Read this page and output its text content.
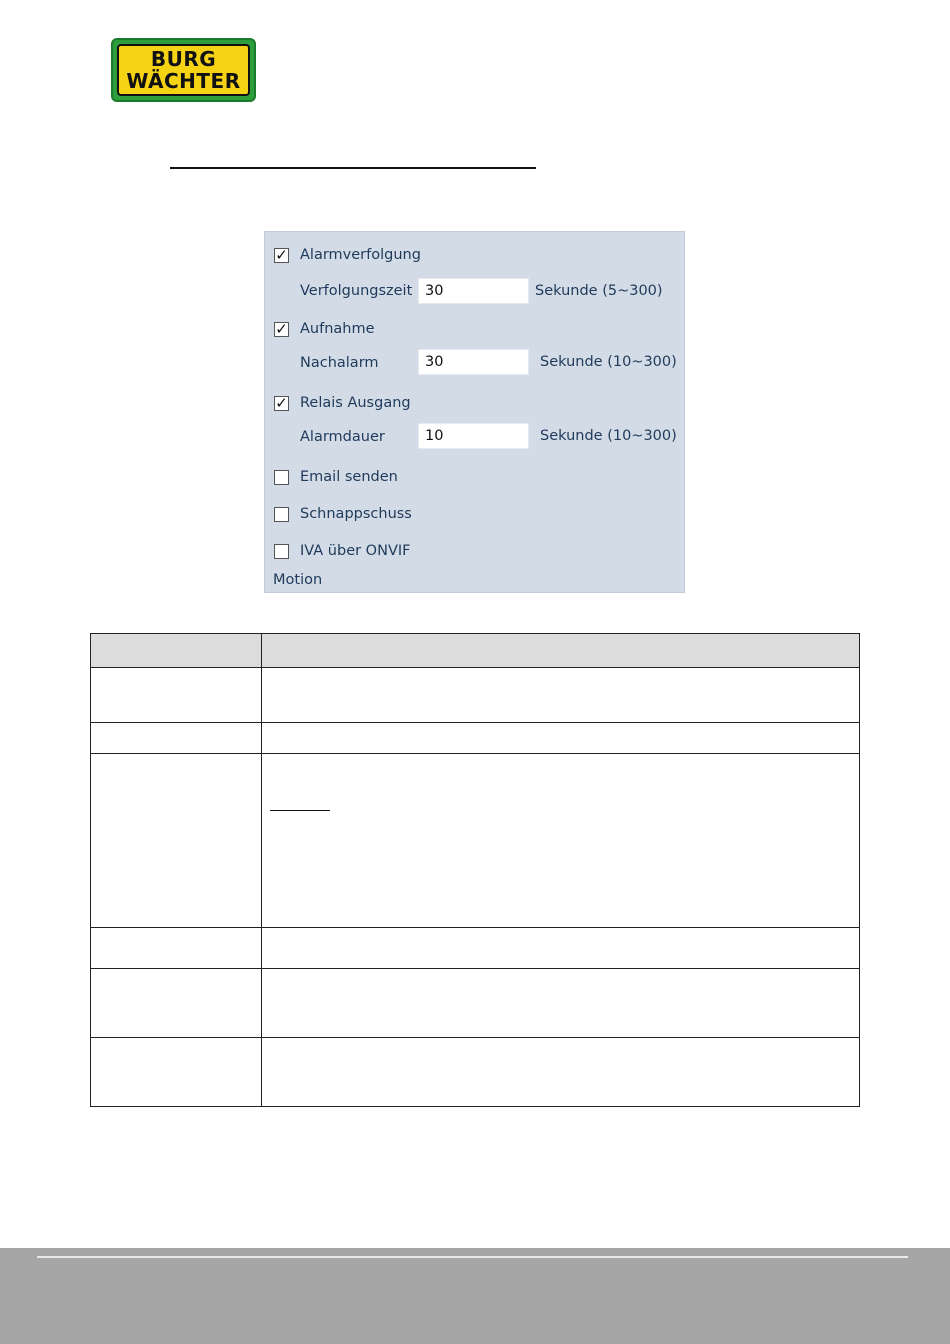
BURG
WÄCHTER
✓ Alarmverfolgung
Verfolgungszeit 30	Sekunde (5~300)
✓ Aufnahme
Nachalarm	30	Sekunde (10~300)
✓ Relais Ausgang
Alarmdauer	10	Sekunde (10~300)
Email senden
Schnappschuss
IVA über ONVIF
Motion
